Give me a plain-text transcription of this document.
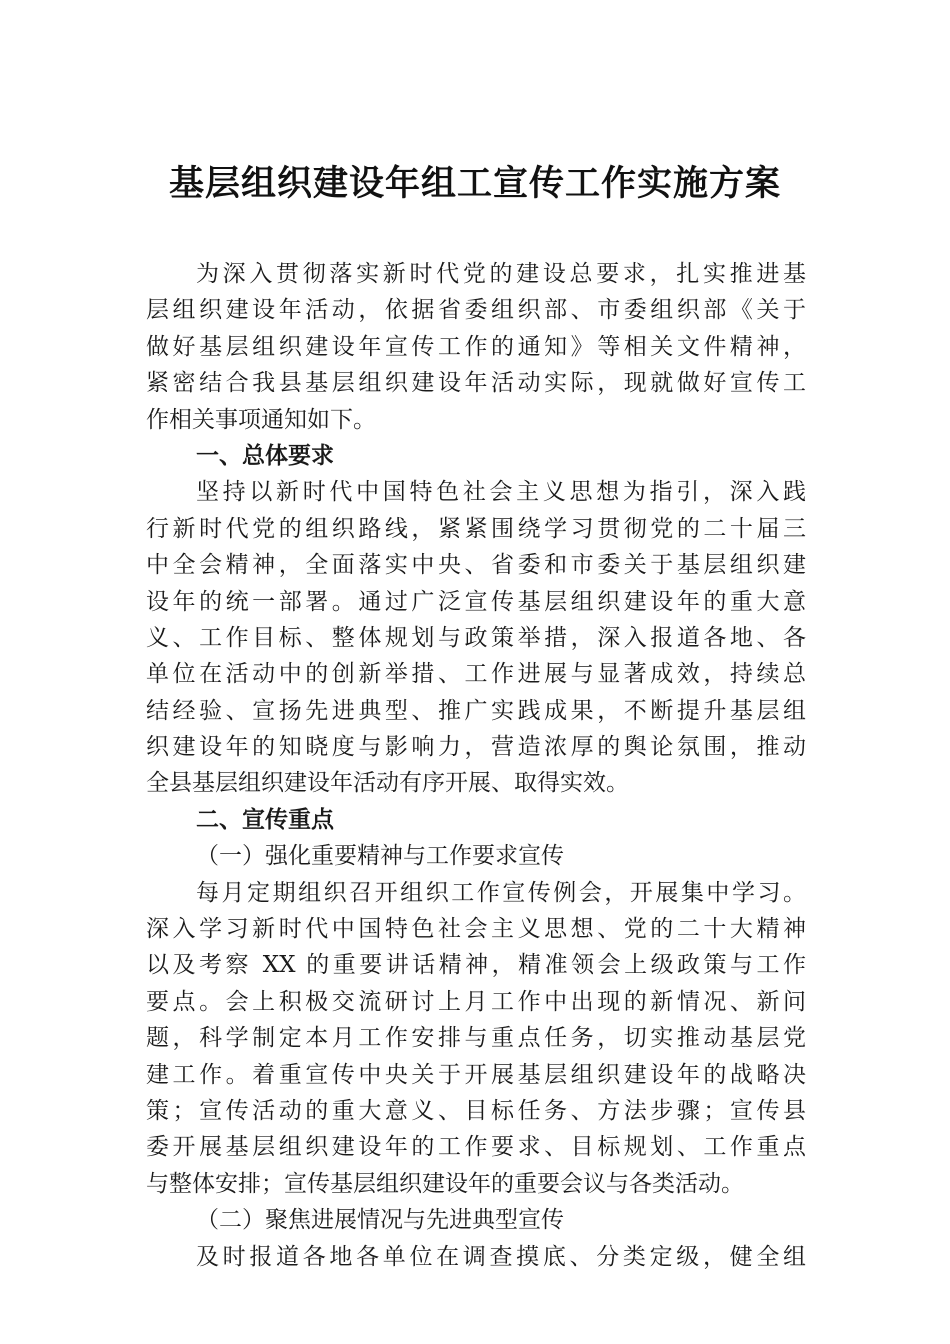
基层组织建设年组工宣传工作实施方案
为深入贯彻落实新时代党的建设总要求，扎实推进基
层组织建设年活动，依据省委组织部、市委组织部《关于
做好基层组织建设年宣传工作的通知》等相关文件精神，
紧密结合我县基层组织建设年活动实际，现就做好宣传工
作相关事项通知如下。
一、总体要求
坚持以新时代中国特色社会主义思想为指引，深入践
行新时代党的组织路线，紧紧围绕学习贯彻党的二十届三
中全会精神，全面落实中央、省委和市委关于基层组织建
设年的统一部署。通过广泛宣传基层组织建设年的重大意
义、工作目标、整体规划与政策举措，深入报道各地、各
单位在活动中的创新举措、工作进展与显著成效，持续总
结经验、宣扬先进典型、推广实践成果，不断提升基层组
织建设年的知晓度与影响力，营造浓厚的舆论氛围，推动
全县基层组织建设年活动有序开展、取得实效。
二、宣传重点
（一）强化重要精神与工作要求宣传
每月定期组织召开组织工作宣传例会，开展集中学习。
深入学习新时代中国特色社会主义思想、党的二十大精神
以及考察 XX 的重要讲话精神，精准领会上级政策与工作
要点。会上积极交流研讨上月工作中出现的新情况、新问
题，科学制定本月工作安排与重点任务，切实推动基层党
建工作。着重宣传中央关于开展基层组织建设年的战略决
策；宣传活动的重大意义、目标任务、方法步骤；宣传县
委开展基层组织建设年的工作要求、目标规划、工作重点
与整体安排；宣传基层组织建设年的重要会议与各类活动。
（二）聚焦进展情况与先进典型宣传
及时报道各地各单位在调查摸底、分类定级，健全组
